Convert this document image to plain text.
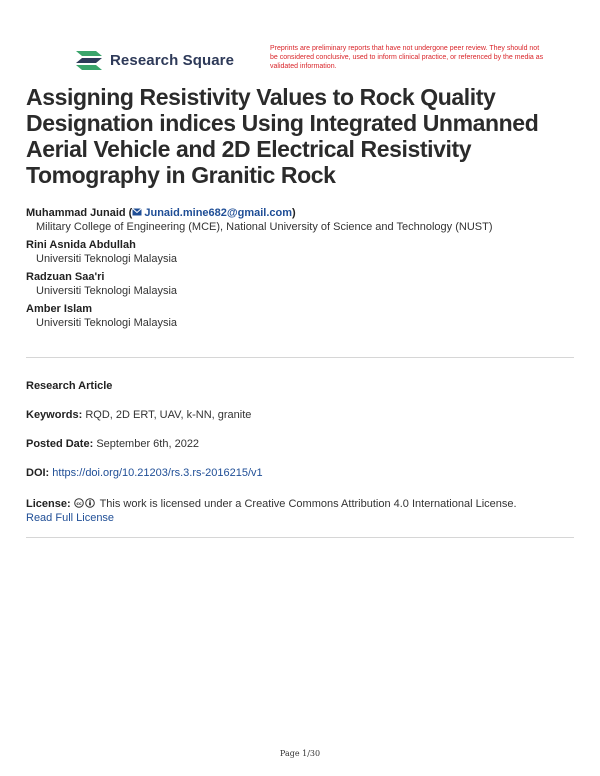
Research Square
Preprints are preliminary reports that have not undergone peer review. They should not be considered conclusive, used to inform clinical practice, or referenced by the media as validated information.
Assigning Resistivity Values to Rock Quality Designation indices Using Integrated Unmanned Aerial Vehicle and 2D Electrical Resistivity Tomography in Granitic Rock
Muhammad Junaid ( Junaid.mine682@gmail.com)
Military College of Engineering (MCE), National University of Science and Technology (NUST)
Rini Asnida Abdullah
Universiti Teknologi Malaysia
Radzuan Saa'ri
Universiti Teknologi Malaysia
Amber Islam
Universiti Teknologi Malaysia
Research Article
Keywords: RQD, 2D ERT, UAV, k-NN, granite
Posted Date: September 6th, 2022
DOI: https://doi.org/10.21203/rs.3.rs-2016215/v1
License: cc This work is licensed under a Creative Commons Attribution 4.0 International License.
Read Full License
Page 1/30
